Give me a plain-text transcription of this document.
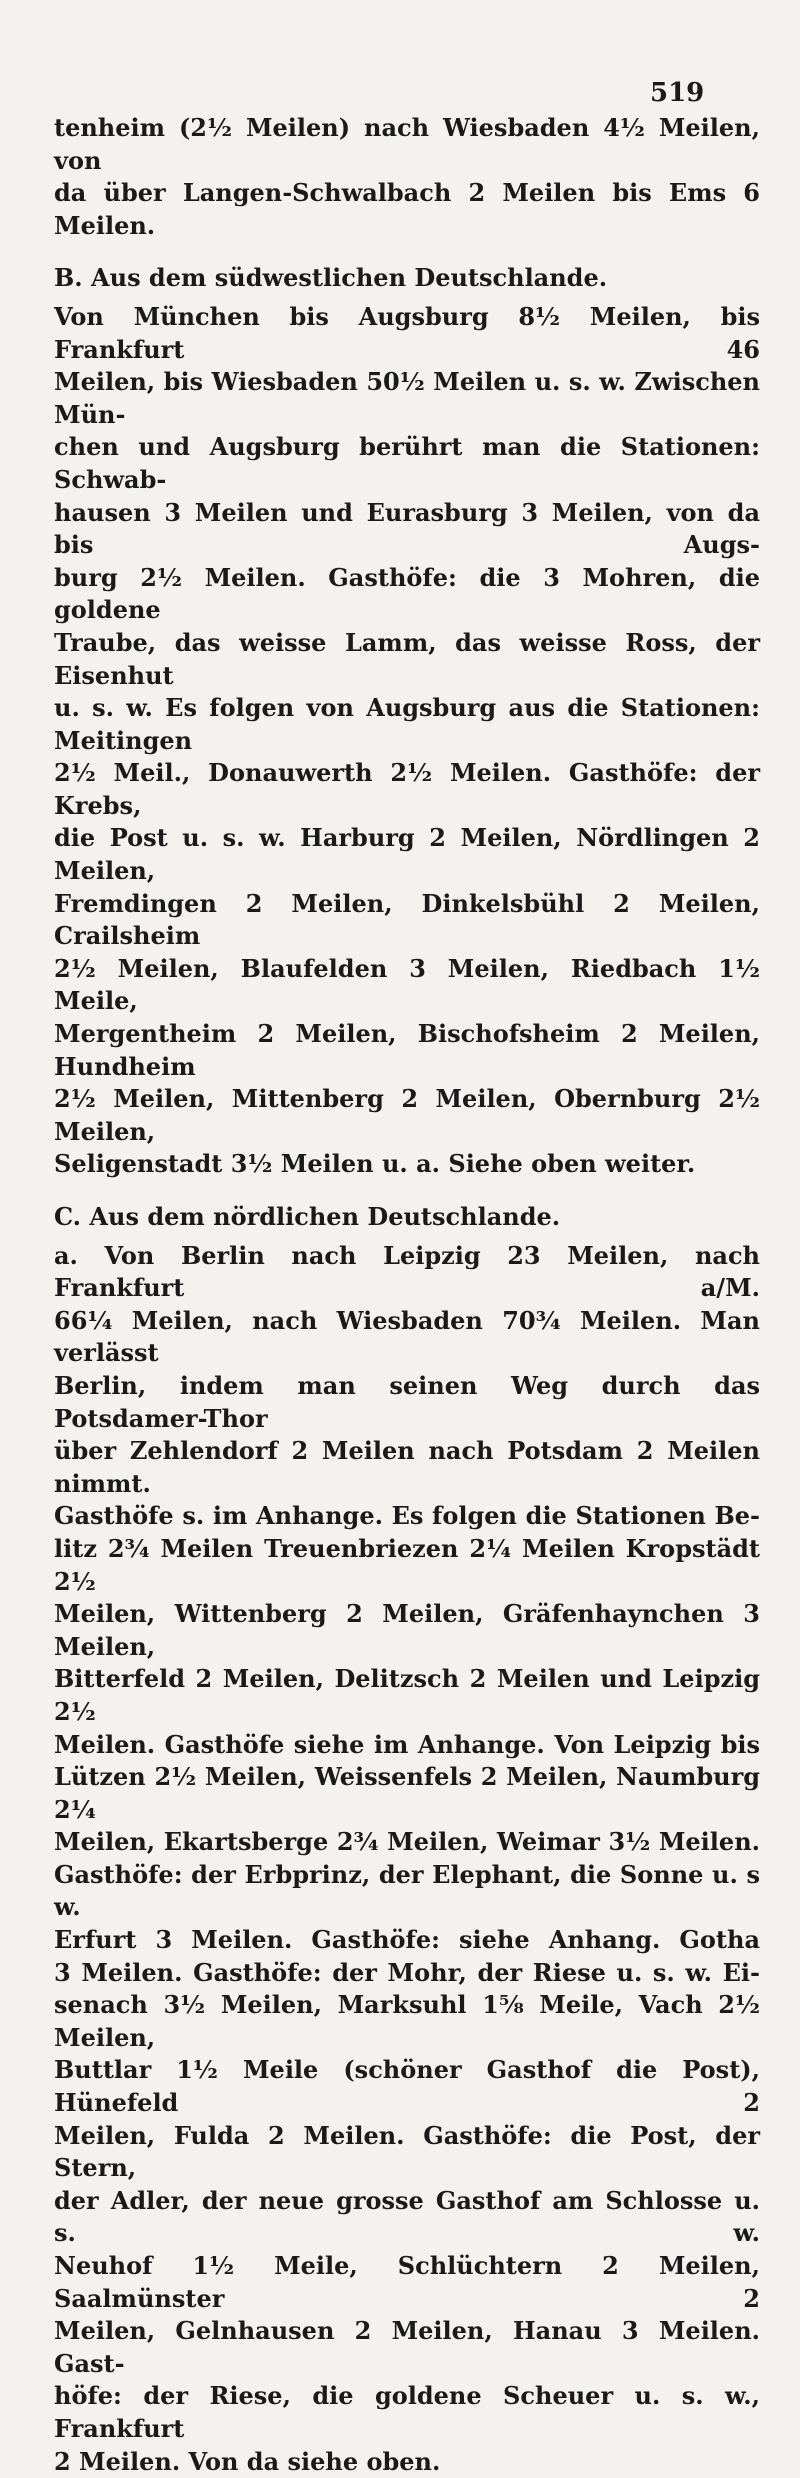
519
tenheim (2½ Meilen) nach Wiesbaden 4½ Meilen, von
da über Langen-Schwalbach 2 Meilen bis Ems 6 Meilen.
B. Aus dem südwestlichen Deutschlande.
Von München bis Augsburg 8½ Meilen, bis Frankfurt 46
Meilen, bis Wiesbaden 50½ Meilen u. s. w. Zwischen Mün-
chen und Augsburg berührt man die Stationen: Schwab-
hausen 3 Meilen und Eurasburg 3 Meilen, von da bis Augs-
burg 2½ Meilen. Gasthöfe: die 3 Mohren, die goldene
Traube, das weisse Lamm, das weisse Ross, der Eisenhut
u. s. w. Es folgen von Augsburg aus die Stationen: Meitingen
2½ Meil., Donauwerth 2½ Meilen. Gasthöfe: der Krebs,
die Post u. s. w. Harburg 2 Meilen, Nördlingen 2 Meilen,
Fremdingen 2 Meilen, Dinkelsbühl 2 Meilen, Crailsheim
2½ Meilen, Blaufelden 3 Meilen, Riedbach 1½ Meile,
Mergentheim 2 Meilen, Bischofsheim 2 Meilen, Hundheim
2½ Meilen, Mittenberg 2 Meilen, Obernburg 2½ Meilen,
Seligenstadt 3½ Meilen u. a. Siehe oben weiter.
C. Aus dem nördlichen Deutschlande.
a. Von Berlin nach Leipzig 23 Meilen, nach Frankfurt a/M.
66¼ Meilen, nach Wiesbaden 70¾ Meilen. Man verlässt
Berlin, indem man seinen Weg durch das Potsdamer-Thor
über Zehlendorf 2 Meilen nach Potsdam 2 Meilen nimmt.
Gasthöfe s. im Anhange. Es folgen die Stationen Be-
litz 2¾ Meilen Treuenbriezen 2¼ Meilen Kropstädt 2½
Meilen, Wittenberg 2 Meilen, Gräfenhaynchen 3 Meilen,
Bitterfeld 2 Meilen, Delitzsch 2 Meilen und Leipzig 2½
Meilen. Gasthöfe siehe im Anhange. Von Leipzig bis
Lützen 2½ Meilen, Weissenfels 2 Meilen, Naumburg 2¼
Meilen, Ekartsberge 2¾ Meilen, Weimar 3½ Meilen.
Gasthöfe: der Erbprinz, der Elephant, die Sonne u. s w.
Erfurt 3 Meilen. Gasthöfe: siehe Anhang. Gotha
3 Meilen. Gasthöfe: der Mohr, der Riese u. s. w. Ei-
senach 3½ Meilen, Marksuhl 1⅝ Meile, Vach 2½ Meilen,
Buttlar 1½ Meile (schöner Gasthof die Post), Hünefeld 2
Meilen, Fulda 2 Meilen. Gasthöfe: die Post, der Stern,
der Adler, der neue grosse Gasthof am Schlosse u. s. w.
Neuhof 1½ Meile, Schlüchtern 2 Meilen, Saalmünster 2
Meilen, Gelnhausen 2 Meilen, Hanau 3 Meilen. Gast-
höfe: der Riese, die goldene Scheuer u. s. w., Frankfurt
2 Meilen. Von da siehe oben.
